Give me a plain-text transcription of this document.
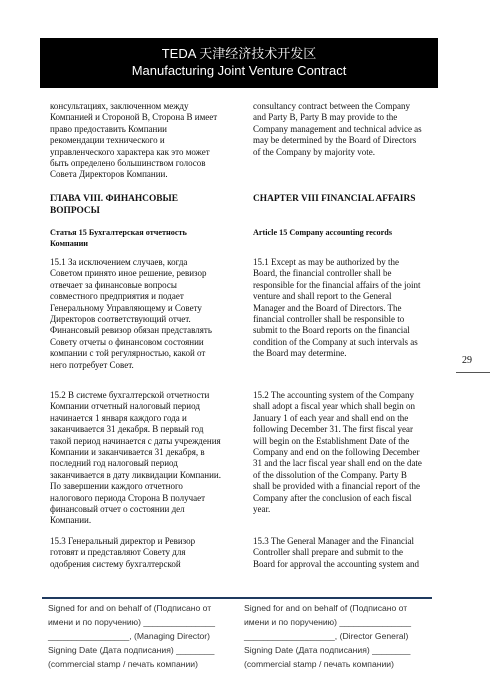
TEDA 天津经济技术开发区
Manufacturing Joint Venture Contract

консультациях, заключенном между
Компанией и Стороной В, Сторона В имеет
право предоставить Компании
рекомендации технического и
управленческого характера как это может
быть определено большинством голосов
Совета Директоров Компании.

ГЛАВА VIII. ФИНАНСОВЫЕ
ВОПРОСЫ

Статья 15 Бухгалтерская отчетность
Компании

15.1 За исключением случаев, когда
Советом принято иное решение, ревизор
отвечает за финансовые вопросы
совместного предприятия и подает
Генеральному Управляющему и Совету
Директоров соответствующий отчет.
Финансовый ревизор обязан представлять
Совету отчеты о финансовом состоянии
компании с той регулярностью, какой от
него потребует Совет.

15.2 В системе бухгалтерской отчетности
Компании отчетный налоговый период
начинается 1 января каждого года и
заканчивается 31 декабря. В первый год
такой период начинается с даты учреждения
Компании и заканчивается 31 декабря, в
последний год налоговый период
заканчивается в дату ликвидации Компании.
По завершении каждого отчетного
налогового периода Сторона В получает
финансовый отчет о состоянии дел
Компании.

15.3 Генеральный директор и Ревизор
готовят и представляют Совету для
одобрения систему бухгалтерской

consultancy contract between the Company
and Party B, Party B may provide to the
Company management and technical advice as
may be determined by the Board of Directors
of the Company by majority vote.

CHAPTER VIII FINANCIAL AFFAIRS

Article 15 Company accounting records

15.1 Except as may be authorized by the
Board, the financial controller shall be
responsible for the financial affairs of the joint
venture and shall report to the General
Manager and the Board of Directors. The
financial controller shall be responsible to
submit to the Board reports on the financial
condition of the Company at such intervals as
the Board may determine.

15.2 The accounting system of the Company
shall adopt a fiscal year which shall begin on
January 1 of each year and shall end on the
following December 31. The first fiscal year
will begin on the Establishment Date of the
Company and end on the following December
31 and the lacr fiscal year shall end on the date
of the dissolution of the Company. Party B
shall be provided with a financial report of the
Company after the conclusion of each fiscal
year.

15.3 The General Manager and the Financial
Controller shall prepare and submit to the
Board for approval the accounting system and

29
Signed for and on behalf of (Подписано от
имени и по поручению) _______________
_________________, (Managing Director)
Signing Date (Дата подписания) ________
(commercial stamp / печать компании)
Signed for and on behalf of (Подписано от
имени и по поручению) _______________
___________________, (Director General)
Signing Date (Дата подписания) ________
(commercial stamp / печать компании)
